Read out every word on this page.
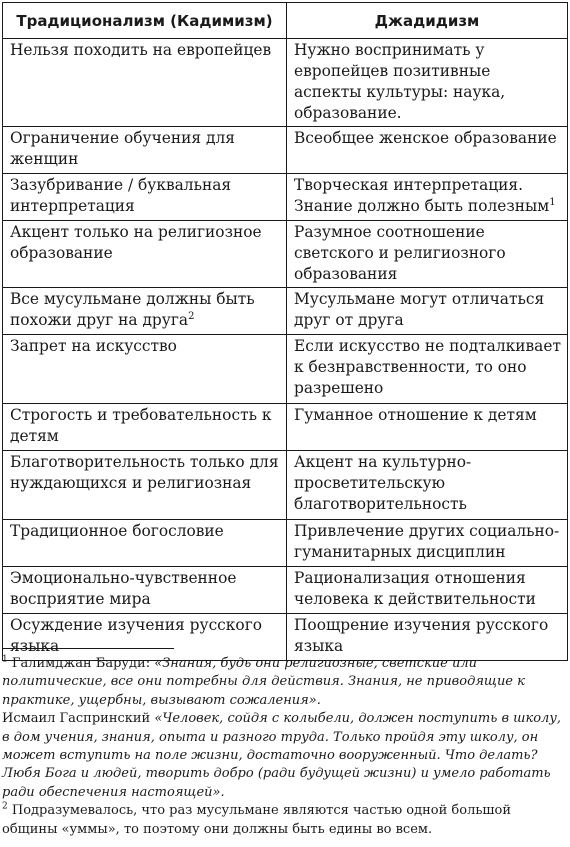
Традиционализм (Кадимизм)	Джадидизм
Нельзя походить на европейцев	Нужно воспринимать у европейцев позитивные аспекты культуры: наука, образование.
Ограничение обучения для женщин	Всеобщее женское образование
Зазубривание / буквальная интерпретация	Творческая интерпретация. Знание должно быть полезным$^1$
Акцент только на религиозное образование	Разумное соотношение светского и религиозного образования
Все мусульмане должны быть похожи друг на друга$^2$	Мусульмане могут отличаться друг от друга
Запрет на искусство	Если искусство не подталкивает к безнравственности, то оно разрешено
Строгость и требовательность к детям	Гуманное отношение к детям
Благотворительность только для нуждающихся и религиозная	Акцент на культурно-просветительскую благотворительность
Традиционное богословие	Привлечение других социально-гуманитарных дисциплин
Эмоционально-чувственное восприятие мира	Рационализация отношения человека к действительности
Осуждение изучения русского языка	Поощрение изучения русского языка

$^1$ Галимджан Баруди: «Знания, будь они религиозные, светские или политические, все они потребны для действия. Знания, не приводящие к практике, ущербны, вызывают сожаления».

Исмаил Гаспринский «Человек, сойдя с колыбели, должен поступить в школу, в дом учения, знания, опыта и разного труда. Только пройдя эту школу, он может вступить на поле жизни, достаточно вооруженный. Что делать? Любя Бога и людей, творить добро (ради будущей жизни) и умело работать ради обеспечения настоящей».

$^2$ Подразумевалось, что раз мусульмане являются частью одной большой общины «уммы», то поэтому они должны быть едины во всем.
